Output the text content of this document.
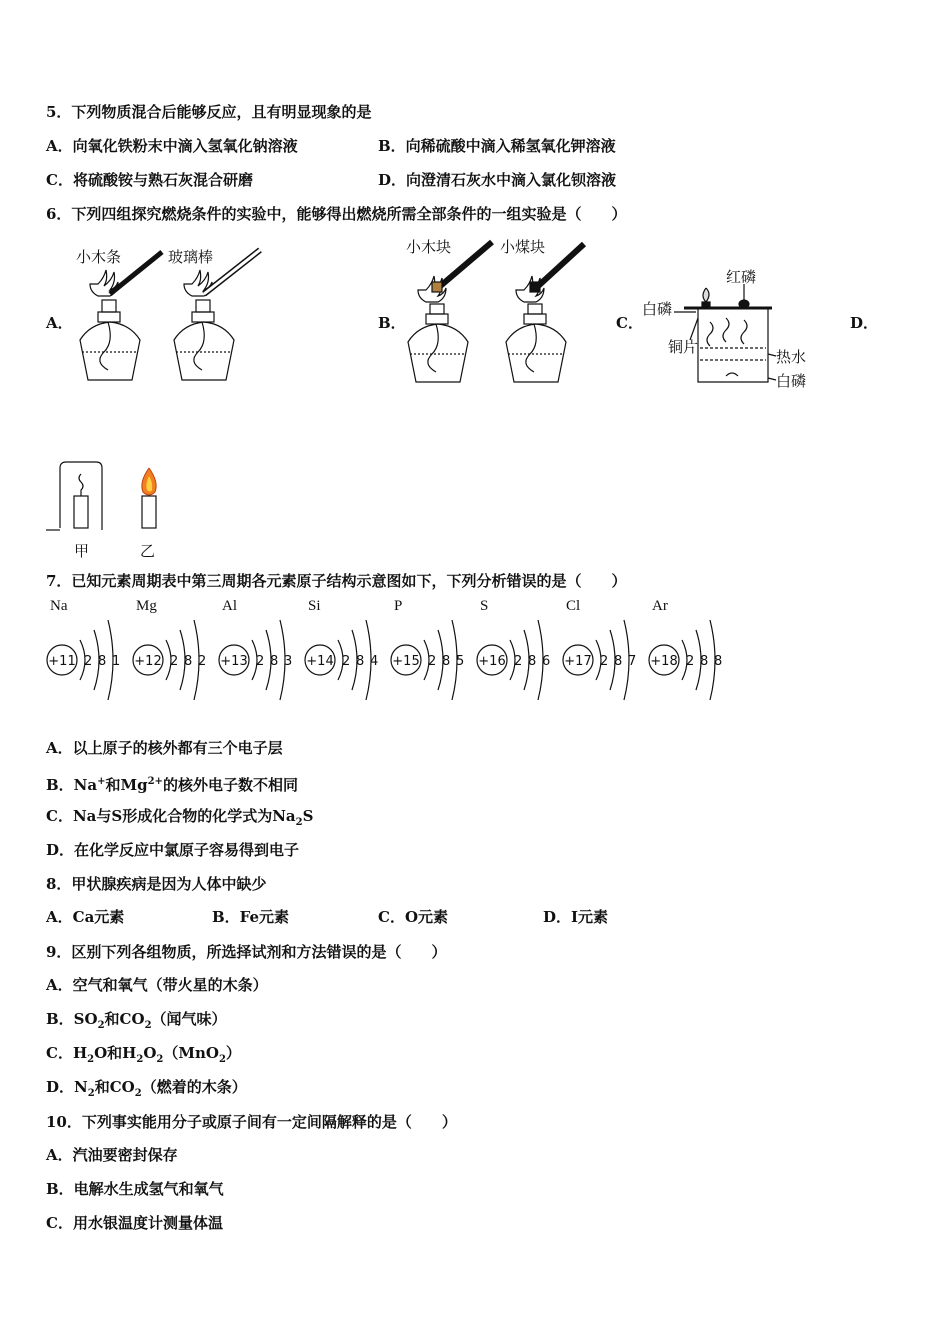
5．下列物质混合后能够反应，且有明显现象的是
A．向氧化铁粉末中滴入氢氧化钠溶液	B．向稀硫酸中滴入稀氢氧化钾溶液
C．将硫酸铵与熟石灰混合研磨	D．向澄清石灰水中滴入氯化钡溶液
6．下列四组探究燃烧条件的实验中，能够得出燃烧所需全部条件的一组实验是（　　）
A．	B．	C．	D．
小木条	玻璃棒
小木块	小煤块
红磷
白磷
铜片
热水
白磷
甲	乙
7．已知元素周期表中第三周期各元素原子结构示意图如下，下列分析错误的是（　　）
Na
+11 2 8 1
Mg
+12 2 8 2
Al
+13 2 8 3
Si
+14 2 8 4
P
+15 2 8 5
S
+16 2 8 6
Cl
+17 2 8 7
Ar
+18 2 8 8
A．以上原子的核外都有三个电子层
B．Na+和$Mg^{2+}$的核外电子数不相同
C．Na与S形成化合物的化学式为$Na_2S$
D．在化学反应中氯原子容易得到电子
8．甲状腺疾病是因为人体中缺少
A．Ca元素	B．Fe元素	C．O元素	D．I元素
9．区别下列各组物质，所选择试剂和方法错误的是（　　）
A．空气和氧气（带火星的木条）
B．$SO_2$和$CO_2$（闻气味）
C．$H_2O$和$H_2O_2(MnO_2)$
D．$N_2$和$CO_2$（燃着的木条）
10．下列事实能用分子或原子间有一定间隔解释的是（　　）
A．汽油要密封保存
B．电解水生成氢气和氧气
C．用水银温度计测量体温
